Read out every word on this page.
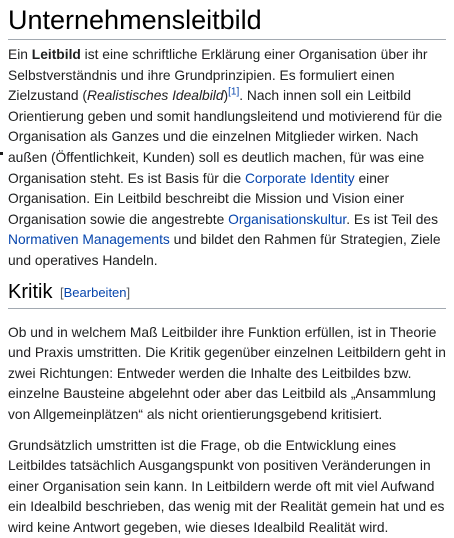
Unternehmensleitbild

Ein Leitbild ist eine schriftliche Erklärung einer Organisation über ihr Selbstverständnis und ihre Grundprinzipien. Es formuliert einen Zielzustand (Realistisches Idealbild)[1]. Nach innen soll ein Leitbild Orientierung geben und somit handlungsleitend und motivierend für die Organisation als Ganzes und die einzelnen Mitglieder wirken. Nach außen (Öffentlichkeit, Kunden) soll es deutlich machen, für was eine Organisation steht. Es ist Basis für die Corporate Identity einer Organisation. Ein Leitbild beschreibt die Mission und Vision einer Organisation sowie die angestrebte Organisationskultur. Es ist Teil des Normativen Managements und bildet den Rahmen für Strategien, Ziele und operatives Handeln.

Kritik [Bearbeiten]

Ob und in welchem Maß Leitbilder ihre Funktion erfüllen, ist in Theorie und Praxis umstritten. Die Kritik gegenüber einzelnen Leitbildern geht in zwei Richtungen: Entweder werden die Inhalte des Leitbildes bzw. einzelne Bausteine abgelehnt oder aber das Leitbild als „Ansammlung von Allgemeinplätzen“ als nicht orientierungsgebend kritisiert.

Grundsätzlich umstritten ist die Frage, ob die Entwicklung eines Leitbildes tatsächlich Ausgangspunkt von positiven Veränderungen in einer Organisation sein kann. In Leitbildern werde oft mit viel Aufwand ein Idealbild beschrieben, das wenig mit der Realität gemein hat und es wird keine Antwort gegeben, wie dieses Idealbild Realität wird.
